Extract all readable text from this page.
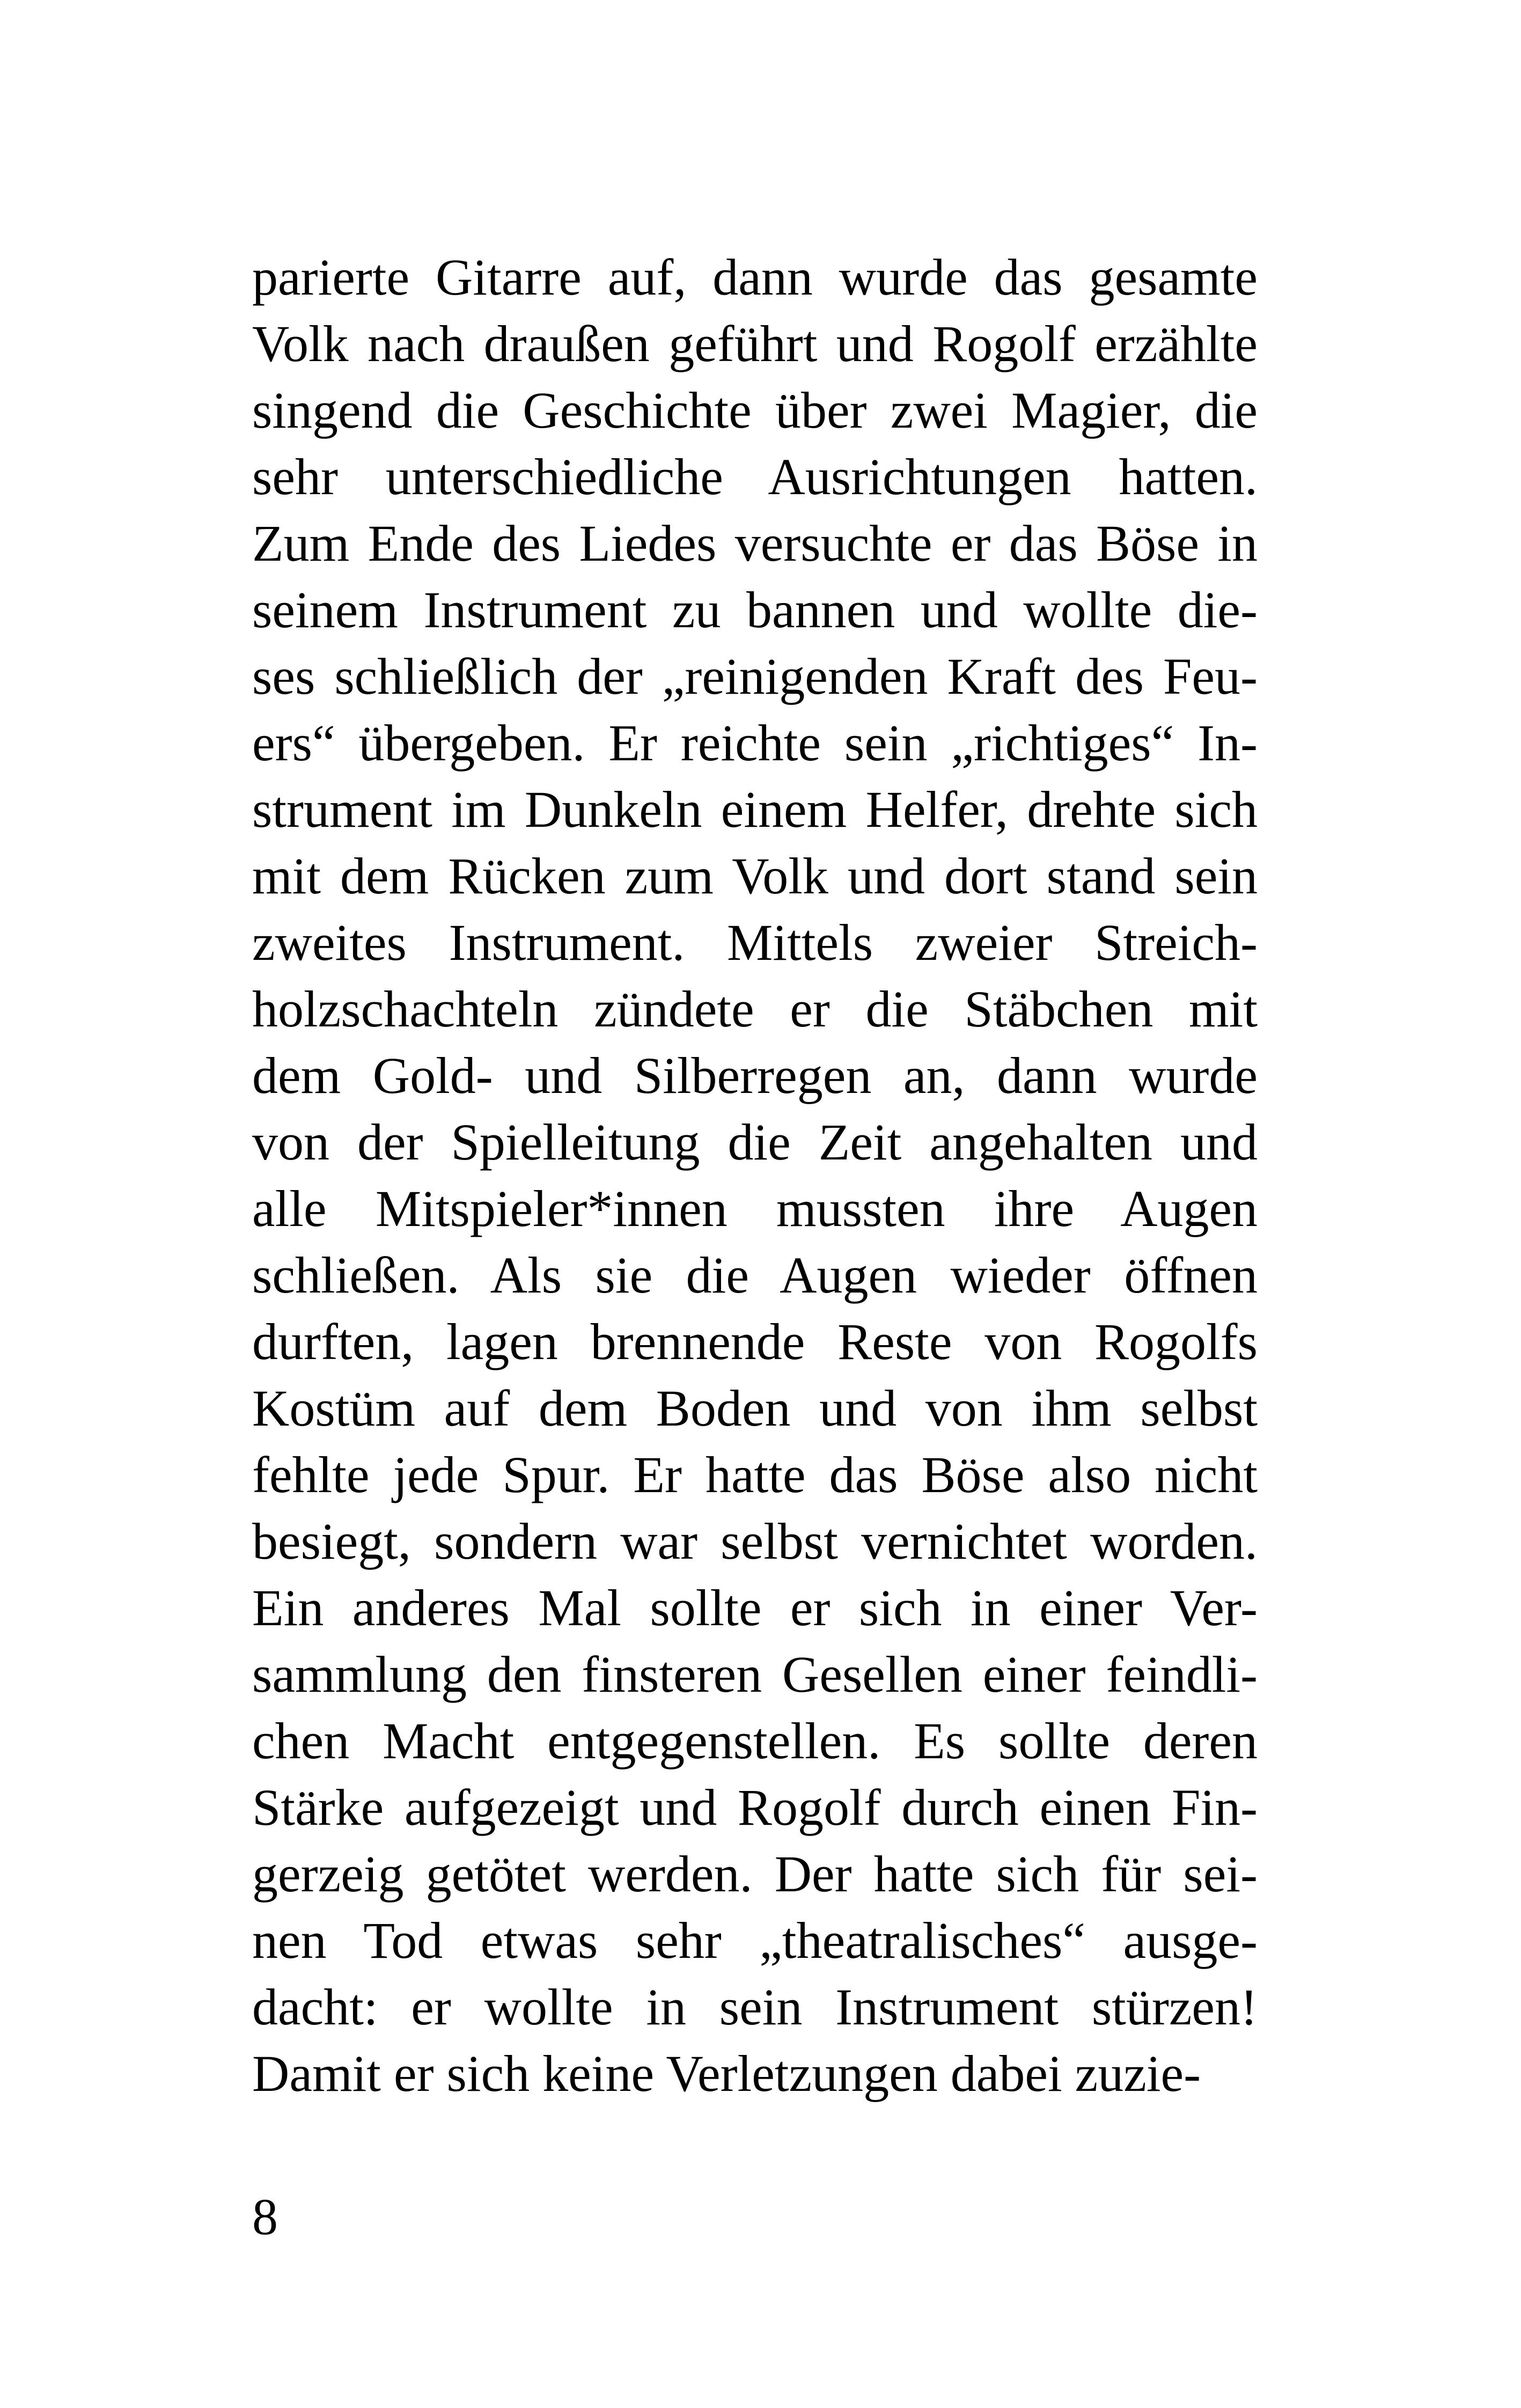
parierte Gitarre auf, dann wurde das gesamte
Volk nach draußen geführt und Rogolf erzählte
singend die Geschichte über zwei Magier, die
sehr unterschiedliche Ausrichtungen hatten.
Zum Ende des Liedes versuchte er das Böse in
seinem Instrument zu bannen und wollte die-
ses schließlich der „reinigenden Kraft des Feu-
ers“ übergeben. Er reichte sein „richtiges“ In-
strument im Dunkeln einem Helfer, drehte sich
mit dem Rücken zum Volk und dort stand sein
zweites Instrument. Mittels zweier Streich-
holzschachteln zündete er die Stäbchen mit
dem Gold- und Silberregen an, dann wurde
von der Spielleitung die Zeit angehalten und
alle Mitspieler*innen mussten ihre Augen
schließen. Als sie die Augen wieder öffnen
durften, lagen brennende Reste von Rogolfs
Kostüm auf dem Boden und von ihm selbst
fehlte jede Spur. Er hatte das Böse also nicht
besiegt, sondern war selbst vernichtet worden.
Ein anderes Mal sollte er sich in einer Ver-
sammlung den finsteren Gesellen einer feindli-
chen Macht entgegenstellen. Es sollte deren
Stärke aufgezeigt und Rogolf durch einen Fin-
gerzeig getötet werden. Der hatte sich für sei-
nen Tod etwas sehr „theatralisches“ ausge-
dacht: er wollte in sein Instrument stürzen!
Damit er sich keine Verletzungen dabei zuzie-
8
